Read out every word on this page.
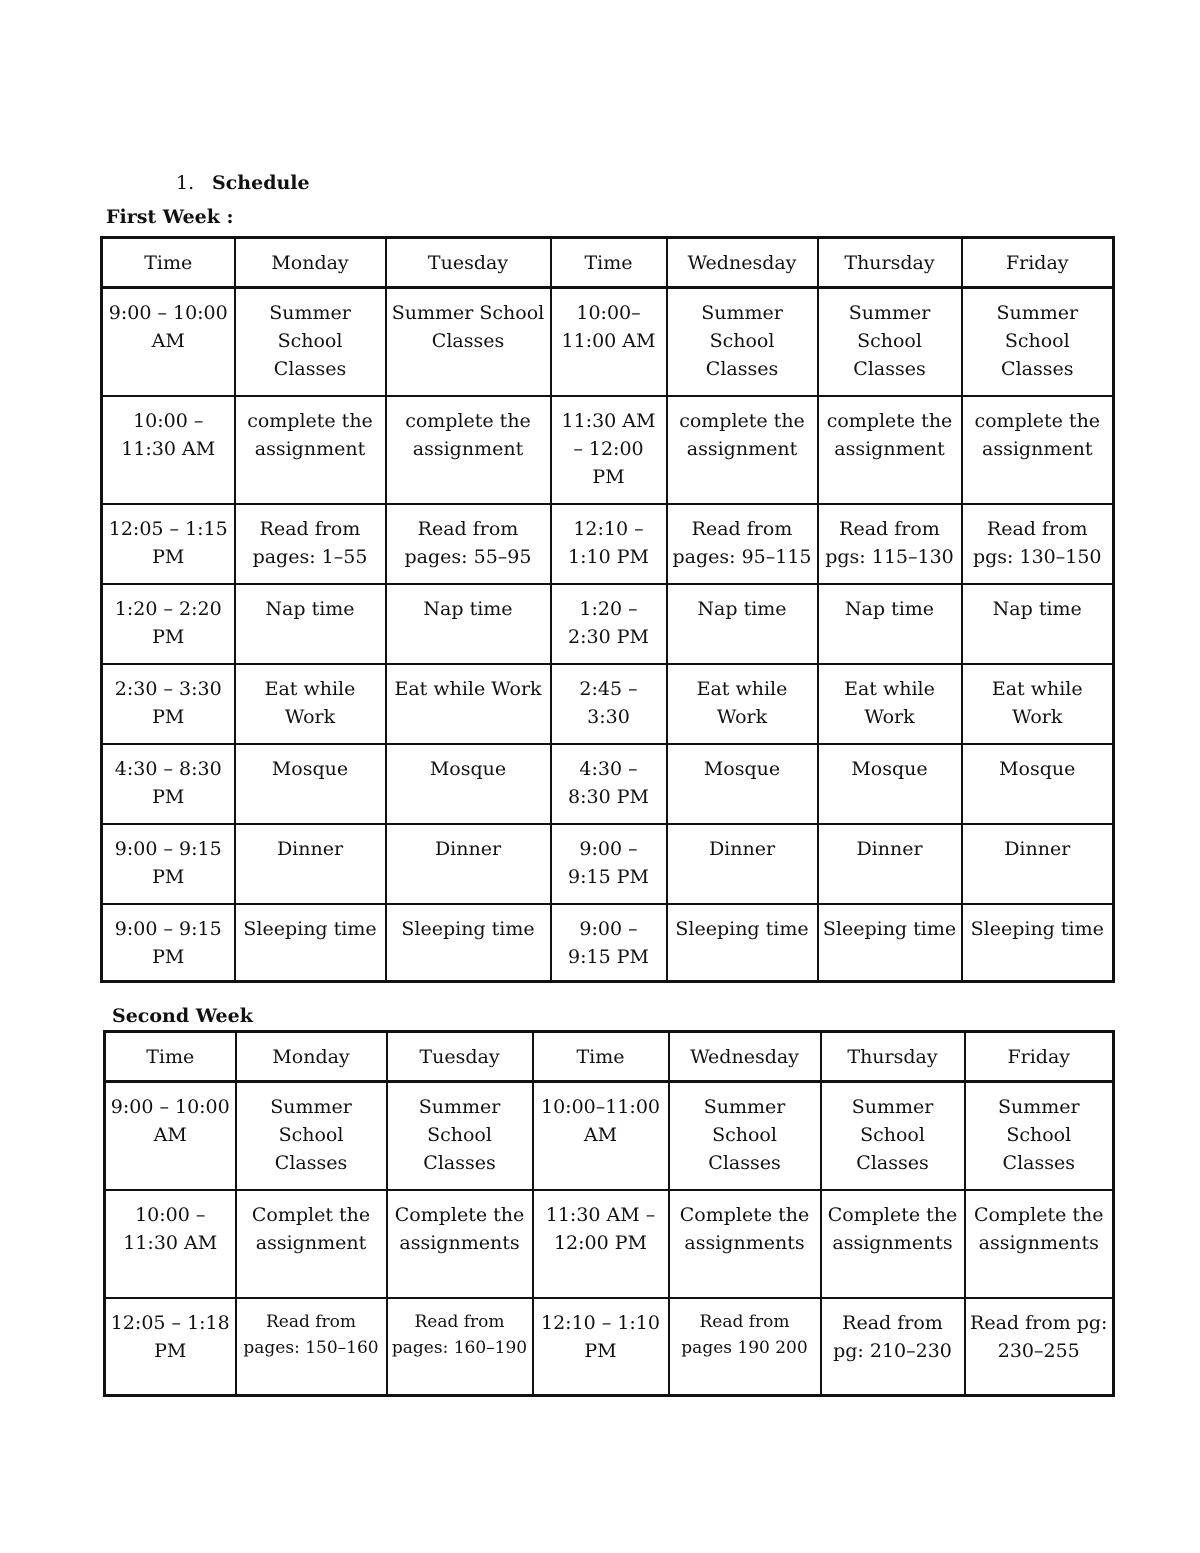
1. Schedule
First Week :
Time	Monday	Tuesday	Time	Wednesday	Thursday	Friday
9:00 – 10:00 AM	Summer School Classes	Summer School Classes	10:00– 11:00 AM	Summer School Classes	Summer School Classes	Summer School Classes
10:00 – 11:30 AM	complete the assignment	complete the assignment	11:30 AM – 12:00 PM	complete the assignment	complete the assignment	complete the assignment
12:05 – 1:15 PM	Read from pages: 1–55	Read from pages: 55–95	12:10 – 1:10 PM	Read from pages: 95–115	Read from pgs: 115–130	Read from pgs: 130–150
1:20 – 2:20 PM	Nap time	Nap time	1:20 – 2:30 PM	Nap time	Nap time	Nap time
2:30 – 3:30 PM	Eat while Work	Eat while Work	2:45 – 3:30	Eat while Work	Eat while Work	Eat while Work
4:30 – 8:30 PM	Mosque	Mosque	4:30 – 8:30 PM	Mosque	Mosque	Mosque
9:00 – 9:15 PM	Dinner	Dinner	9:00 – 9:15 PM	Dinner	Dinner	Dinner
9:00 – 9:15 PM	Sleeping time	Sleeping time	9:00 – 9:15 PM	Sleeping time	Sleeping time	Sleeping time
Second Week
Time	Monday	Tuesday	Time	Wednesday	Thursday	Friday
9:00 – 10:00 AM	Summer School Classes	Summer School Classes	10:00–11:00 AM	Summer School Classes	Summer School Classes	Summer School Classes
10:00 – 11:30 AM	Complet the assignment	Complete the assignments	11:30 AM – 12:00 PM	Complete the assignments	Complete the assignments	Complete the assignments
12:05 – 1:18 PM	Read from pages: 150–160	Read from pages: 160–190	12:10 – 1:10 PM	Read from pages 190 200	Read from pg: 210–230	Read from pg: 230–255
